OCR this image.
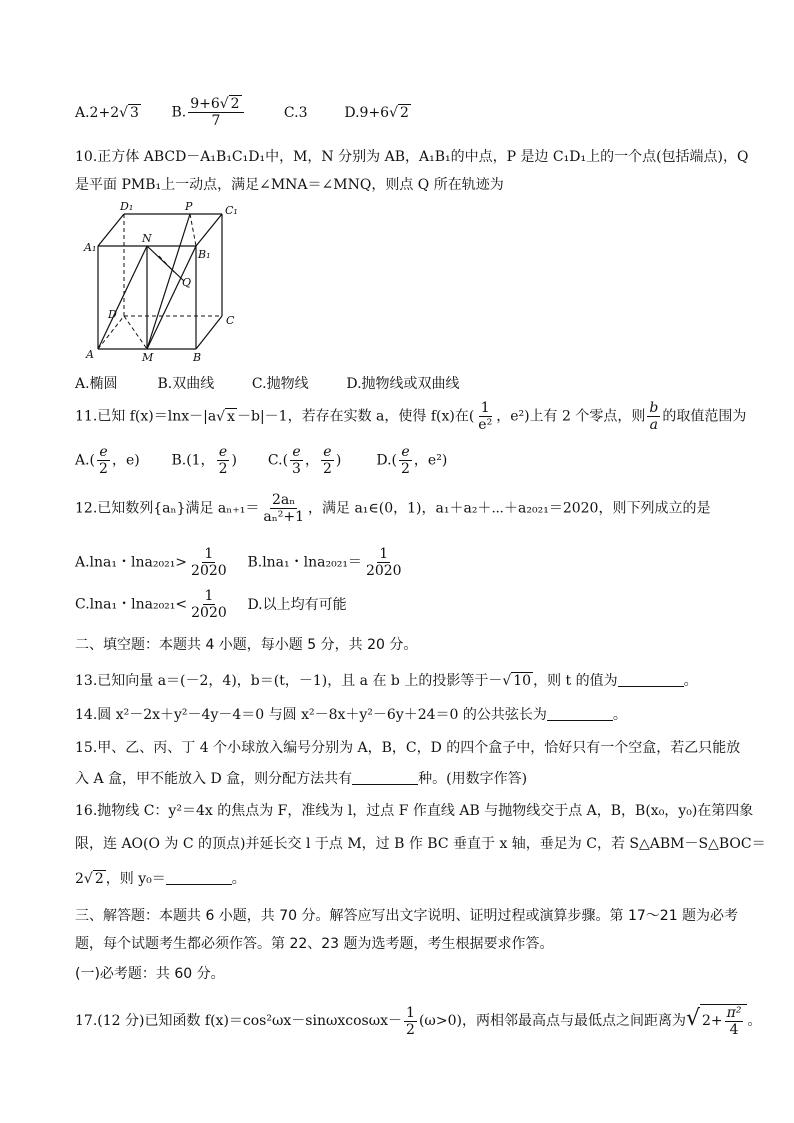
A.2+2√ 3 B. $\frac{9+6√ 2}{7}$	C.3	D.9+6√ 2
10.正方体 ABCD－A₁B₁C₁D₁中，M，N 分别为 AB，A₁B₁的中点，P 是边 C₁D₁上的一个点(包括端点)，Q
是平面 PMB₁上一动点，满足∠MNA＝∠MNQ，则点 Q 所在轨迹为
D₁	P	C₁
A₁
N
B₁
Q
D	C
A	M	B
A.椭圆	B.双曲线	C.抛物线	D.抛物线或双曲线
11.已知 f(x)＝lnx－|a√ x －b|－1，若存在实数 a，使得 f(x)在( $\frac{1}{\text{e²}}$ ，e²)上有 2 个零点，则 $\frac{b}{a}$ 的取值范围为
$A.( \frac{e}{2}$ ，e) B.(1， $\frac{e}{2}$ ) $C.( \frac{e}{3}$ ， $\frac{e}{2}$ )	$D.( \frac{e}{2}$ ，e²)
12.已知数列{aₙ}满足 $a_{n+1}= \frac{\text{2aₙ}}{\text{aₙ²+1}}$ ，满足 a₁∈(0，1)，a₁＋a₂＋⋯＋a₂₀₂₁＝2020，则下列成立的是
A.lna₁・$\ln a_{2021}> \frac{1}{2020} B.\ln a_1$・$\ln a_{2021}= \frac{1}{2020}$
C.lna₁・$\ln a_{2021}< \frac{1}{2020} D$.以上均有可能
二、填空题：本题共 4 小题，每小题 5 分，共 20 分。
13.已知向量 a＝(－2，4)，b＝(t，－1)，且 a 在 b 上的投影等于－√ 10 ，则 t 的值为	。
14.圆 x²－2x＋y²－4y－4＝0 与圆 x²－8x＋y²－6y＋24＝0 的公共弦长为	。
15.甲、乙、丙、丁 4 个小球放入编号分别为 A，B，C，D 的四个盒子中，恰好只有一个空盒，若乙只能放
入 A 盒，甲不能放入 D 盒，则分配方法共有	种。(用数字作答)
16.抛物线 C：y²＝4x 的焦点为 F，准线为 l，过点 F 作直线 AB 与抛物线交于点 A，B，B(x₀，y₀)在第四象
限，连 AO(O 为 C 的顶点)并延长交 l 于点 M，过 B 作 BC 垂直于 x 轴，垂足为 C，若 S△ABM－S△BOC＝
2√ 2 ，则 y₀＝	。
三、解答题：本题共 6 小题，共 70 分。解答应写出文字说明、证明过程或演算步骤。第 17～21 题为必考
题，每个试题考生都必须作答。第 22、23 题为选考题，考生根据要求作答。
(一)必考题：共 60 分。
17.(12 分)已知函数 $f(x)=\cos^2\omega x-\sin\omega xcos\omega x- \frac{1}{2} (\omega>0)$，两相邻最高点与最低点之间距离为√ $2+ \frac{\text{π²}}{4}$ 。
